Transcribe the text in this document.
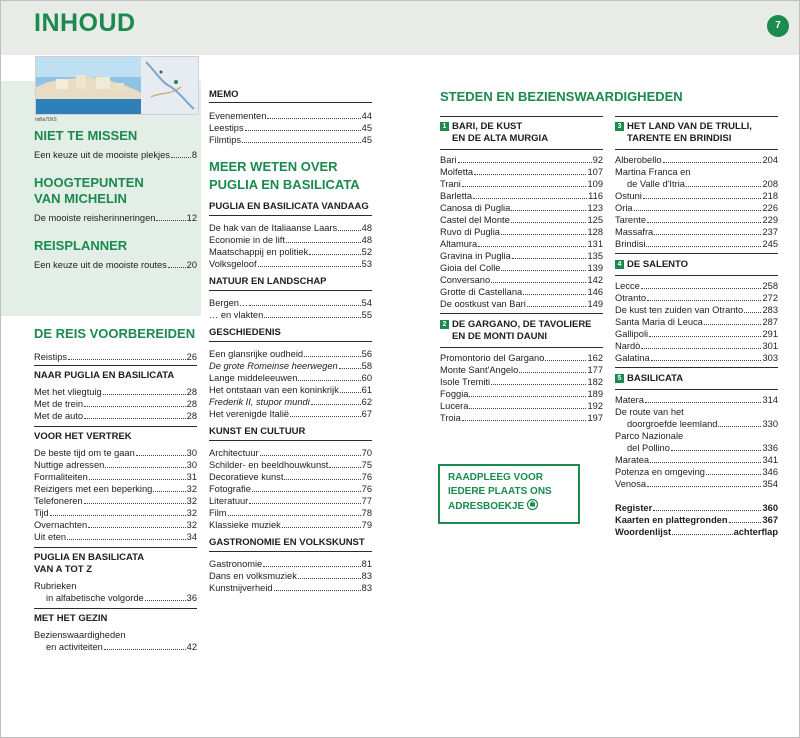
INHOUD	7
milla70/iS
NIET TE MISSEN
Een keuze uit de mooiste plekjes 8
HOOGTEPUNTEN
VAN MICHELIN
De mooiste reisherinneringen	12
REISPLANNER
Een keuze uit de mooiste routes 20
DE REIS VOORBEREIDEN
Reistips	26
NAAR PUGLIA EN BASILICATA
Met het vliegtuig	28
Met de trein	28
Met de auto	28
VOOR HET VERTREK
De beste tijd om te gaan	30
Nuttige adressen	30
Formaliteiten	31
Reizigers met een beperking	32
Telefoneren	32
Tijd	32
Overnachten	32
Uit eten	34
PUGLIA EN BASILICATA
VAN A TOT Z
Rubrieken
in alfabetische volgorde	36
MET HET GEZIN
Bezienswaardigheden
en activiteiten	42
MEMO
Evenementen	44
Leestips	45
Filmtips	45
MEER WETEN OVER
PUGLIA EN BASILICATA
PUGLIA EN BASILICATA VANDAAG
De hak van de Italiaanse Laars	48
Economie in de lift	48
Maatschappij en politiek	52
Volksgeloof	53
NATUUR EN LANDSCHAP
Bergen…	54
… en vlakten	55
GESCHIEDENIS
Een glansrijke oudheid	56
De grote Romeinse heerwegen	58
Lange middeleeuwen	60
Het ontstaan van een koninkrijk 61
Frederik II, stupor mundi	62
Het verenigde Italië	67
KUNST EN CULTUUR
Architectuur	70
Schilder- en beeldhouwkunst	75
Decoratieve kunst	76
Fotografie	76
Literatuur	77
Film	78
Klassieke muziek	79
GASTRONOMIE EN VOLKSKUNST
Gastronomie	81
Dans en volksmuziek	83
Kunstnijverheid	83
STEDEN EN BEZIENSWAARDIGHEDEN
1 BARI, DE KUST
EN DE ALTA MURGIA
Bari	92
Molfetta	107
Trani	109
Barletta	116
Canosa di Puglia	123
Castel del Monte	125
Ruvo di Puglia	128
Altamura	131
Gravina in Puglia	135
Gioia del Colle	139
Conversano	142
Grotte di Castellana	146
De oostkust van Bari	149
2 DE GARGANO, DE TAVOLIERE
EN DE MONTI DAUNI
Promontorio del Gargano	162
Monte Sant'Angelo	177
Isole Tremiti	182
Foggia	189
Lucera	192
Troia	197
3 HET LAND VAN DE TRULLI,
TARENTE EN BRINDISI
Alberobello	204
Martina Franca en
de Valle d'Itria	208
Ostuni	218
Oria	226
Tarente	229
Massafra	237
Brindisi	245
4 DE SALENTO
Lecce	258
Otranto	272
De kust ten zuiden van Otranto 283
Santa Maria di Leuca	287
Gallipoli	291
Nardò	301
Galatina	303
5 BASILICATA
Matera	314
De route van het
doorgroefde leemland	330
Parco Nazionale
del Pollino	336
Maratea	341
Potenza en omgeving	346
Venosa	354
Register	360
Kaarten en plattegronden	367
Woordenlijst	achterflap
RAADPLEEG VOOR
IEDERE PLAATS ONS
ADRESBOEKJE
